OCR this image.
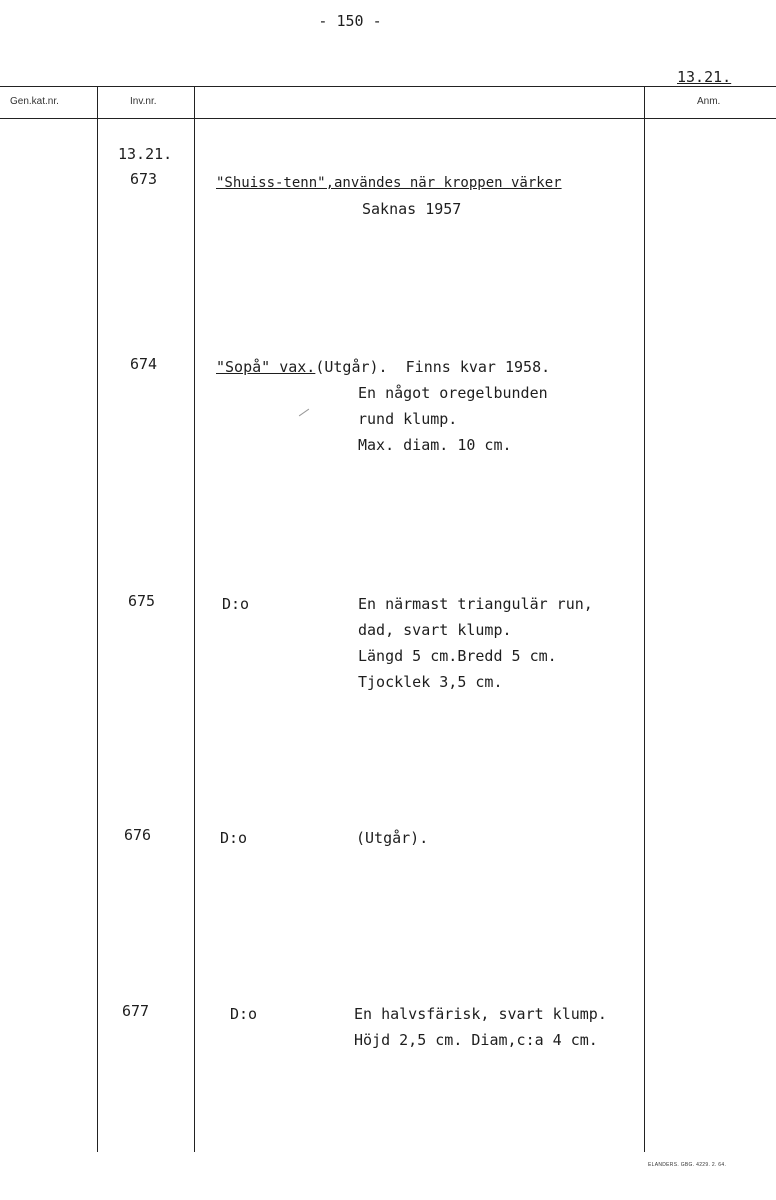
- 150 -
13.21.
Gen.kat.nr.	Inv.nr.	Anm.
13.21.
673	"Shuiss-tenn",användes när kroppen värker
Saknas 1957
674	"Sopå" vax.(Utgår).  Finns kvar 1958.
En något oregelbunden
rund klump.
Max. diam. 10 cm.
675	D:o	En närmast triangulär run,
dad, svart klump.
Längd 5 cm.Bredd 5 cm.
Tjocklek 3,5 cm.
676	D:o	(Utgår).
677	D:o	En halvsfärisk, svart klump.
Höjd 2,5 cm. Diam,c:a 4 cm.
ELANDERS. GBG. 4229. 2. 64.
